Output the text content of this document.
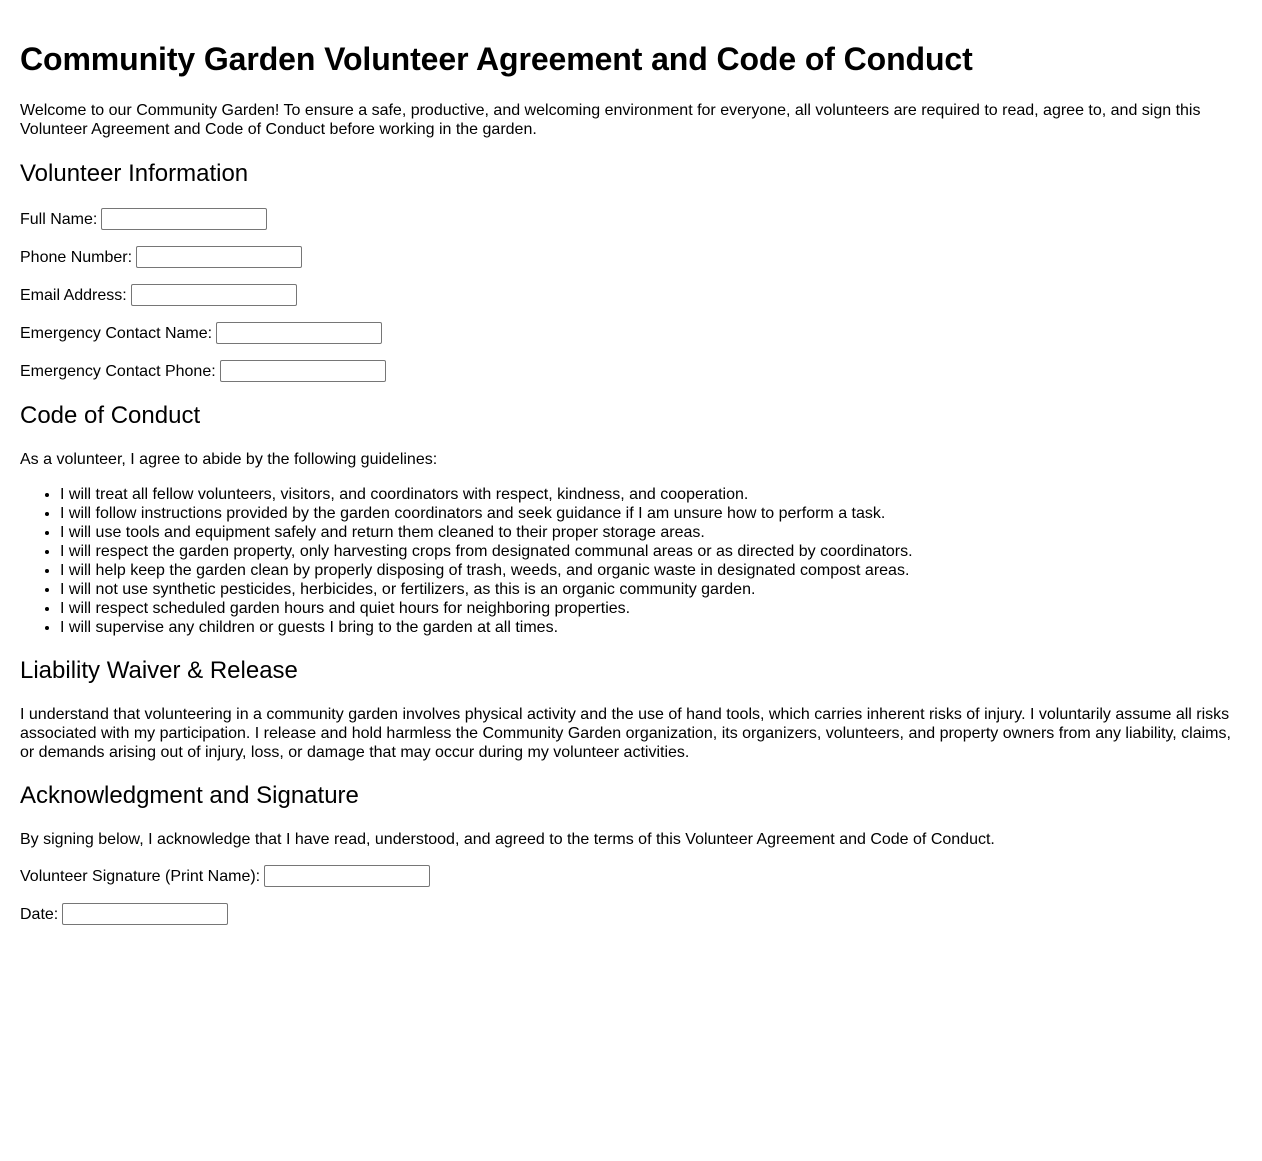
Community Garden Volunteer Agreement and Code of Conduct

Welcome to our Community Garden! To ensure a safe, productive, and welcoming environment for everyone, all volunteers are required to read, agree to, and sign this Volunteer Agreement and Code of Conduct before working in the garden.

Volunteer Information
Full Name:
Phone Number:
Email Address:
Emergency Contact Name:
Emergency Contact Phone:
Code of Conduct

As a volunteer, I agree to abide by the following guidelines:

• I will treat all fellow volunteers, visitors, and coordinators with respect, kindness, and cooperation.
• I will follow instructions provided by the garden coordinators and seek guidance if I am unsure how to perform a task.
• I will use tools and equipment safely and return them cleaned to their proper storage areas.
• I will respect the garden property, only harvesting crops from designated communal areas or as directed by coordinators.
• I will help keep the garden clean by properly disposing of trash, weeds, and organic waste in designated compost areas.
• I will not use synthetic pesticides, herbicides, or fertilizers, as this is an organic community garden.
• I will respect scheduled garden hours and quiet hours for neighboring properties.
• I will supervise any children or guests I bring to the garden at all times.
Liability Waiver & Release

I understand that volunteering in a community garden involves physical activity and the use of hand tools, which carries inherent risks of injury. I voluntarily assume all risks associated with my participation. I release and hold harmless the Community Garden organization, its organizers, volunteers, and property owners from any liability, claims, or demands arising out of injury, loss, or damage that may occur during my volunteer activities.

Acknowledgment and Signature

By signing below, I acknowledge that I have read, understood, and agreed to the terms of this Volunteer Agreement and Code of Conduct.

Volunteer Signature (Print Name):
Date:
